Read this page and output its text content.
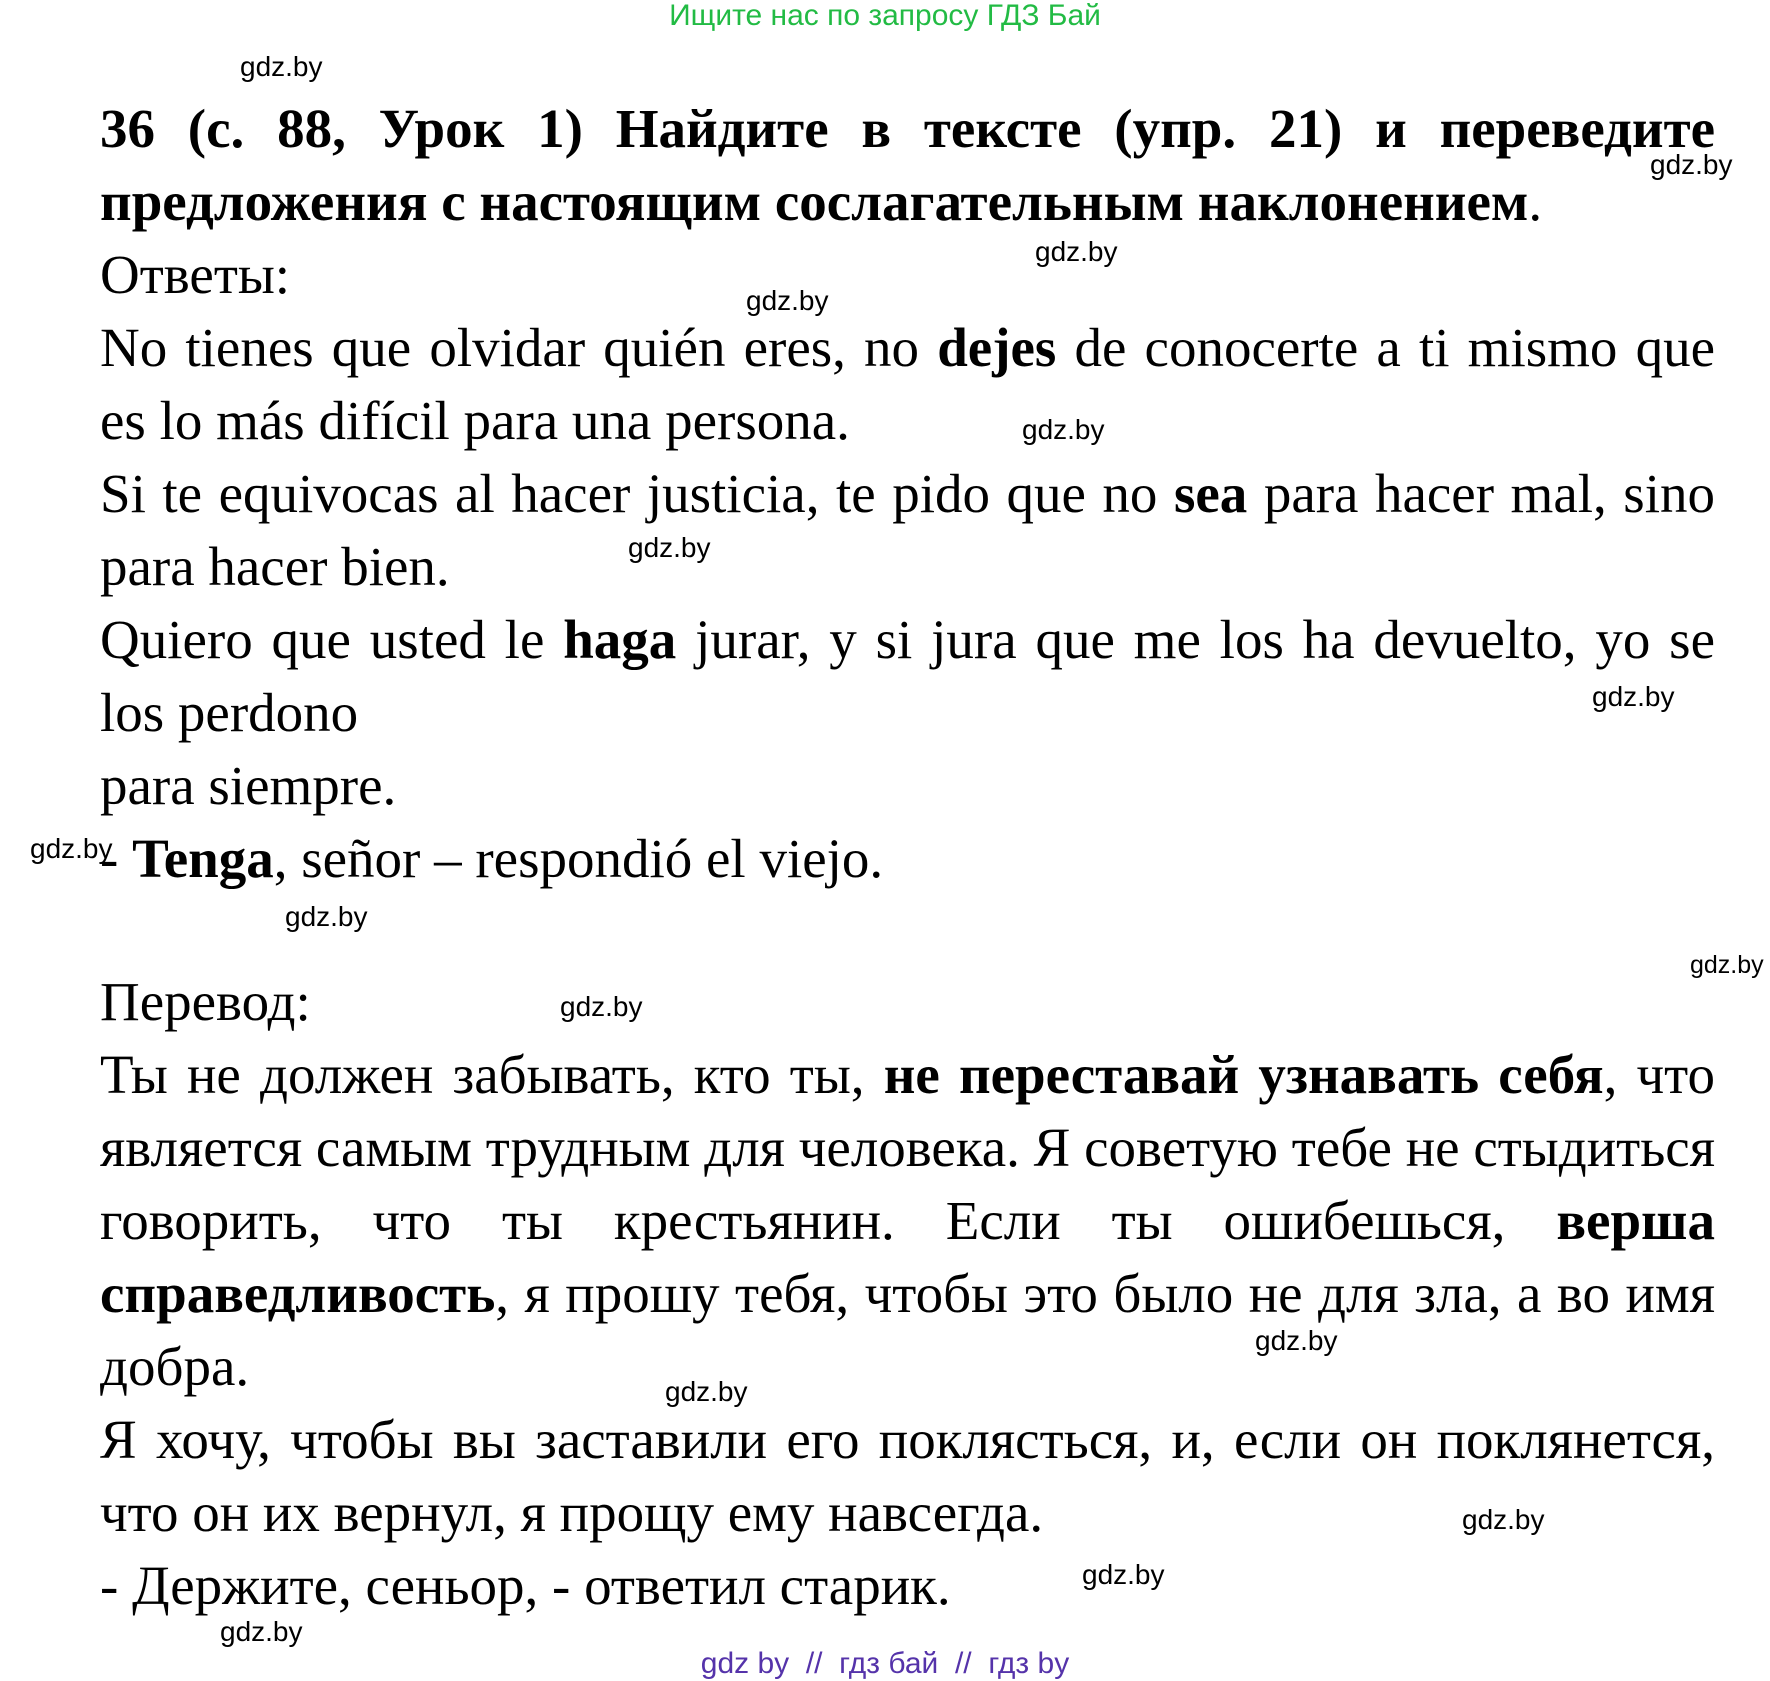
Ищите нас по запросу ГДЗ Бай

36 (с. 88, Урок 1) Найдите в тексте (упр. 21) и переведите предложения с настоящим сослагательным наклонением.

Ответы:

No tienes que olvidar quién eres, no dejes de conocerte a ti mismo que es lo más difícil para una persona.

Si te equivocas al hacer justicia, te pido que no sea para hacer mal, sino para hacer bien.

Quiero que usted le haga jurar, y si jura que me los ha devuelto, yo se los perdono

para siempre.

- Tenga, señor – respondió el viejo.

Перевод:

Ты не должен забывать, кто ты, не переставай узнавать себя, что является самым трудным для человека. Я советую тебе не стыдиться говорить, что ты крестьянин. Если ты ошибешься, верша справедливость, я прошу тебя, чтобы это было не для зла, а во имя добра.

Я хочу, чтобы вы заставили его поклясться, и, если он поклянется, что он их вернул, я прощу ему навсегда.

- Держите, сеньор, - ответил старик.

gdz.by
gdz.by
gdz.by
gdz.by
gdz.by
gdz.by
gdz.by
gdz.by
gdz.by
gdz.by
gdz.by
gdz.by
gdz.by
gdz.by
gdz.by
gdz.by
gdz by  //  гдз бай  //  гдз by
